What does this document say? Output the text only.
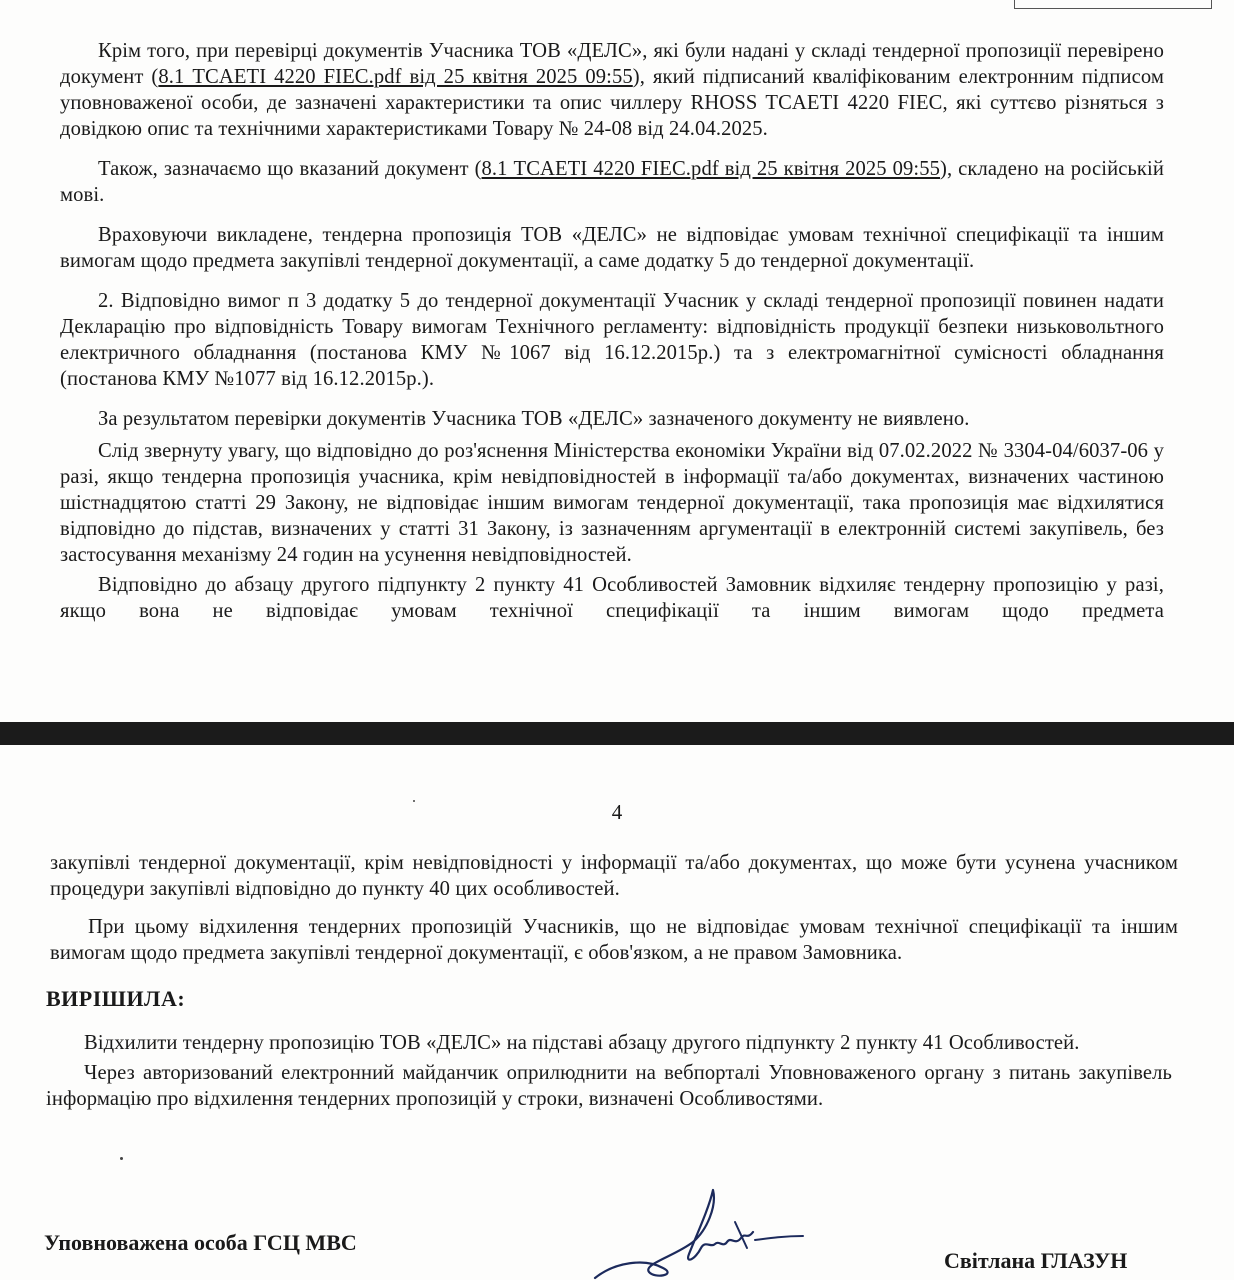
Крім того, при перевірці документів Учасника ТОВ «ДЕЛС», які були надані у складі тендерної пропозиції перевірено документ (8.1 TCAETI 4220 FIEC.pdf від 25 квітня 2025 09:55), який підписаний кваліфікованим електронним підписом уповноваженої особи, де зазначені характеристики та опис чиллеру RHOSS TCAETI 4220 FIEC, які суттєво різняться з довідкою опис та технічними характеристиками Товару № 24-08 від 24.04.2025.

Також, зазначаємо що вказаний документ (8.1 TCAETI 4220 FIEC.pdf від 25 квітня 2025 09:55), складено на російській мові.

Враховуючи викладене, тендерна пропозиція ТОВ «ДЕЛС» не відповідає умовам технічної специфікації та іншим вимогам щодо предмета закупівлі тендерної документації, а саме додатку 5 до тендерної документації.

2. Відповідно вимог п 3 додатку 5 до тендерної документації Учасник у складі тендерної пропозиції повинен надати Декларацію про відповідність Товару вимогам Технічного регламенту: відповідність продукції безпеки низьковольтного електричного обладнання (постанова КМУ №1067 від 16.12.2015р.) та з електромагнітної сумісності обладнання (постанова КМУ №1077 від 16.12.2015р.).

За результатом перевірки документів Учасника ТОВ «ДЕЛС» зазначеного документу не виявлено.

Слід звернуту увагу, що відповідно до роз'яснення Міністерства економіки України від 07.02.2022 № 3304-04/6037-06 у разі, якщо тендерна пропозиція учасника, крім невідповідностей в інформації та/або документах, визначених частиною шістнадцятою статті 29 Закону, не відповідає іншим вимогам тендерної документації, така пропозиція має відхилятися відповідно до підстав, визначених у статті 31 Закону, із зазначенням аргументації в електронній системі закупівель, без застосування механізму 24 годин на усунення невідповідностей.

Відповідно до абзацу другого підпункту 2 пункту 41 Особливостей Замовник відхиляє тендерну пропозицію у разі, якщо вона не відповідає умовам технічної специфікації та іншим вимогам щодо предмета

4

закупівлі тендерної документації, крім невідповідності у інформації та/або документах, що може бути усунена учасником процедури закупівлі відповідно до пункту 40 цих особливостей.

При цьому відхилення тендерних пропозицій Учасників, що не відповідає умовам технічної специфікації та іншим вимогам щодо предмета закупівлі тендерної документації, є обов'язком, а не правом Замовника.

ВИРІШИЛА:

Відхилити тендерну пропозицію ТОВ «ДЕЛС» на підставі абзацу другого підпункту 2 пункту 41 Особливостей.

Через авторизований електронний майданчик оприлюднити на вебпорталі Уповноваженого органу з питань закупівель інформацію про відхилення тендерних пропозицій у строки, визначені Особливостями.

Уповноважена особа ГСЦ МВС
Світлана ГЛАЗУН
